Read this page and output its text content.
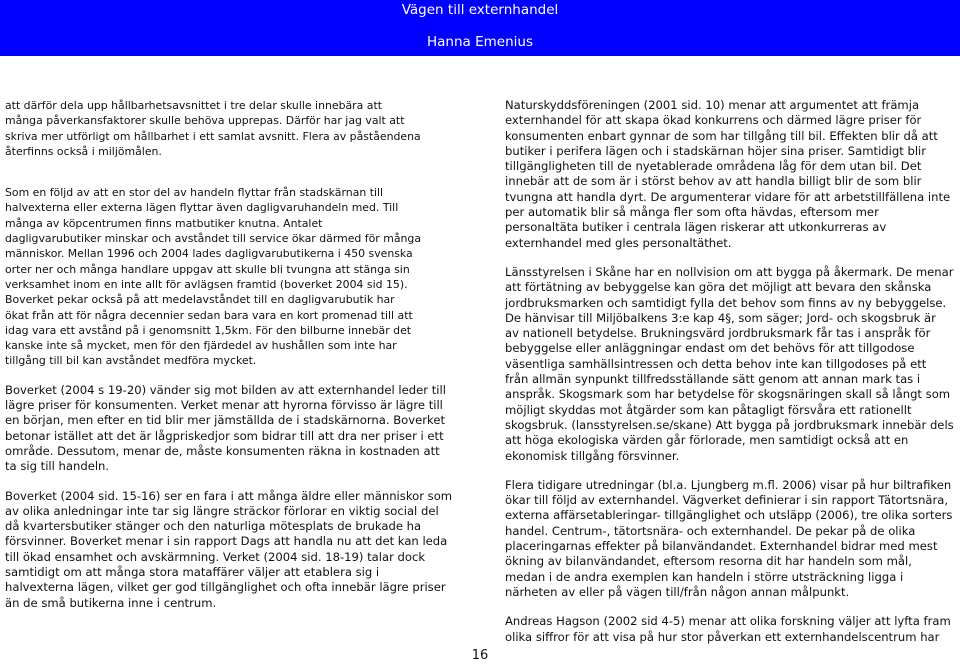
Vägen till externhandel
Hanna Emenius

att därför dela upp hållbarhetsavsnittet i tre delar skulle innebära att
många påverkansfaktorer skulle behöva upprepas. Därför har jag valt att
skriva mer utförligt om hållbarhet i ett samlat avsnitt. Flera av påståendena
återfinns också i miljömålen.

Som en följd av att en stor del av handeln flyttar från stadskärnan till
halvexterna eller externa lägen flyttar även dagligvaruhandeln med. Till
många av köpcentrumen finns matbutiker knutna. Antalet
dagligvarubutiker minskar och avståndet till service ökar därmed för många
människor. Mellan 1996 och 2004 lades dagligvarubutikerna i 450 svenska
orter ner och många handlare uppgav att skulle bli tvungna att stänga sin
verksamhet inom en inte allt för avlägsen framtid (boverket 2004 sid 15).
Boverket pekar också på att medelavståndet till en dagligvarubutik har
ökat från att för några decennier sedan bara vara en kort promenad till att
idag vara ett avstånd på i genomsnitt 1,5km. För den bilburne innebär det
kanske inte så mycket, men för den fjärdedel av hushållen som inte har
tillgång till bil kan avståndet medföra mycket.

Boverket (2004 s 19-20) vänder sig mot bilden av att externhandel leder till
lägre priser för konsumenten. Verket menar att hyrorna förvisso är lägre till
en början, men efter en tid blir mer jämställda de i stadskärnorna. Boverket
betonar istället att det är lågpriskedjor som bidrar till att dra ner priser i ett
område. Dessutom, menar de, måste konsumenten räkna in kostnaden att
ta sig till handeln.

Boverket (2004 sid. 15-16) ser en fara i att många äldre eller människor som
av olika anledningar inte tar sig längre sträckor förlorar en viktig social del
då kvartersbutiker stänger och den naturliga mötesplats de brukade ha
försvinner. Boverket menar i sin rapport Dags att handla nu att det kan leda
till ökad ensamhet och avskärmning. Verket (2004 sid. 18-19) talar dock
samtidigt om att många stora mataffärer väljer att etablera sig i
halvexterna lägen, vilket ger god tillgänglighet och ofta innebär lägre priser
än de små butikerna inne i centrum.

Naturskyddsföreningen (2001 sid. 10) menar att argumentet att främja
externhandel för att skapa ökad konkurrens och därmed lägre priser för
konsumenten enbart gynnar de som har tillgång till bil. Effekten blir då att
butiker i perifera lägen och i stadskärnan höjer sina priser. Samtidigt blir
tillgängligheten till de nyetablerade områdena låg för dem utan bil. Det
innebär att de som är i störst behov av att handla billigt blir de som blir
tvungna att handla dyrt. De argumenterar vidare för att arbetstillfällena inte
per automatik blir så många fler som ofta hävdas, eftersom mer
personaltäta butiker i centrala lägen riskerar att utkonkurreras av
externhandel med gles personaltäthet.

Länsstyrelsen i Skåne har en nollvision om att bygga på åkermark. De menar
att förtätning av bebyggelse kan göra det möjligt att bevara den skånska
jordbruksmarken och samtidigt fylla det behov som finns av ny bebyggelse.
De hänvisar till Miljöbalkens 3:e kap 4§, som säger; Jord- och skogsbruk är
av nationell betydelse. Brukningsvärd jordbruksmark får tas i anspråk för
bebyggelse eller anläggningar endast om det behövs för att tillgodose
väsentliga samhällsintressen och detta behov inte kan tillgodoses på ett
från allmän synpunkt tillfredsställande sätt genom att annan mark tas i
anspråk. Skogsmark som har betydelse för skogsnäringen skall så långt som
möjligt skyddas mot åtgärder som kan påtagligt försvåra ett rationellt
skogsbruk. (lansstyrelsen.se/skane) Att bygga på jordbruksmark innebär dels
att höga ekologiska värden går förlorade, men samtidigt också att en
ekonomisk tillgång försvinner.

Flera tidigare utredningar (bl.a. Ljungberg m.fl. 2006) visar på hur biltrafiken
ökar till följd av externhandel. Vägverket definierar i sin rapport Tätortsnära,
externa affärsetableringar- tillgänglighet och utsläpp (2006), tre olika sorters
handel. Centrum-, tätortsnära- och externhandel. De pekar på de olika
placeringarnas effekter på bilanvändandet. Externhandel bidrar med mest
ökning av bilanvändandet, eftersom resorna dit har handeln som mål,
medan i de andra exemplen kan handeln i större utsträckning ligga i
närheten av eller på vägen till/från någon annan målpunkt.

Andreas Hagson (2002 sid 4-5) menar att olika forskning väljer att lyfta fram
olika siffror för att visa på hur stor påverkan ett externhandelscentrum har

16
